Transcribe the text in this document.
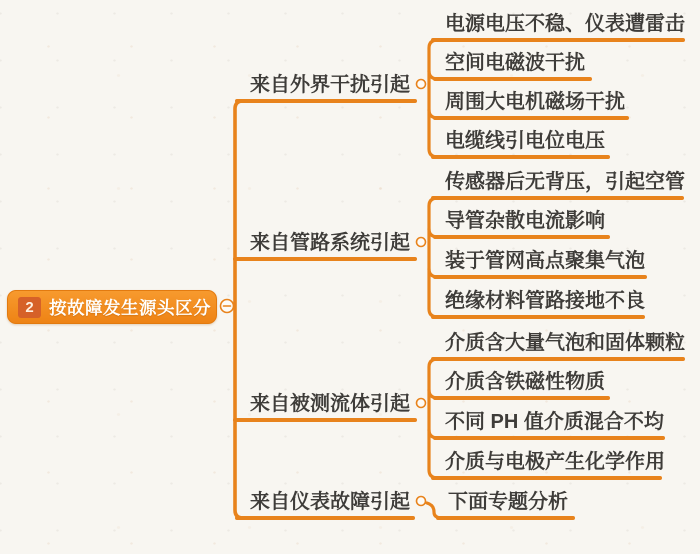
2 按故障发生源头区分
来自外界干扰引起
来自管路系统引起
来自被测流体引起
来自仪表故障引起
电源电压不稳、仪表遭雷击
空间电磁波干扰
周围大电机磁场干扰
电缆线引电位电压
传感器后无背压，引起空管
导管杂散电流影响
装于管网高点聚集气泡
绝缘材料管路接地不良
介质含大量气泡和固体颗粒
介质含铁磁性物质
不同 PH 值介质混合不均
介质与电极产生化学作用
下面专题分析
